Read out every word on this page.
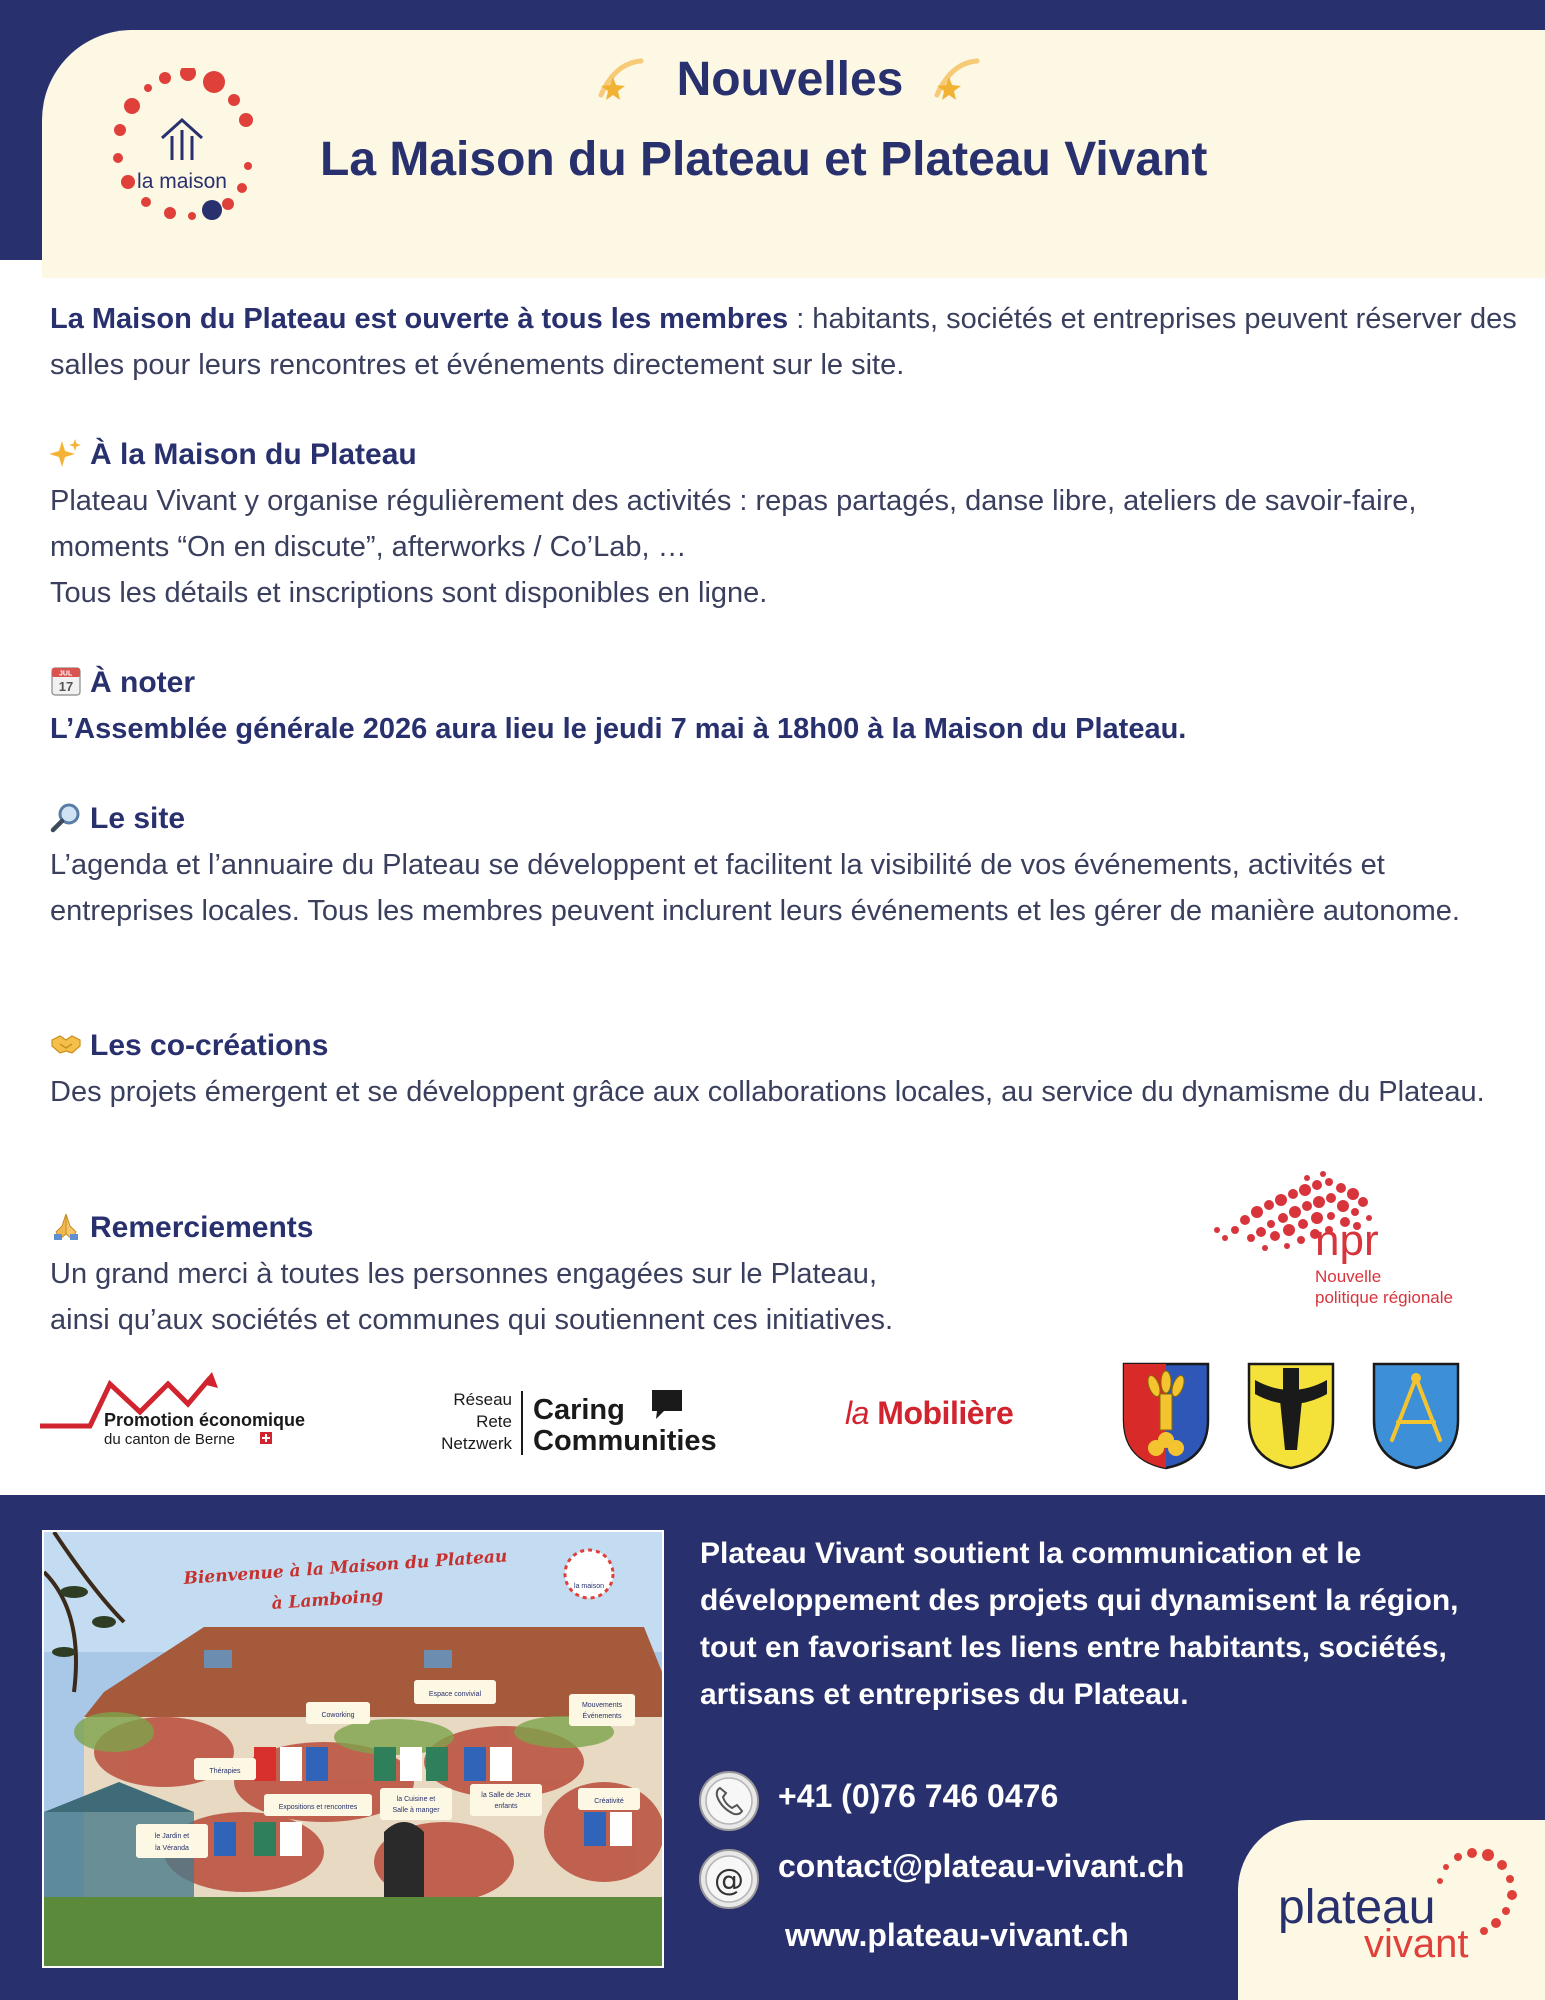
la maison
Nouvelles
La Maison du Plateau et Plateau Vivant
La Maison du Plateau est ouverte à tous les membres : habitants, sociétés et entreprises peuvent réserver des salles pour leurs rencontres et événements directement sur le site.
À la Maison du Plateau
Plateau Vivant y organise régulièrement des activités : repas partagés, danse libre, ateliers de savoir-faire, moments “On en discute”, afterworks / Co’Lab, …
Tous les détails et inscriptions sont disponibles en ligne.
JUL
17 À noter
L’Assemblée générale 2026 aura lieu le jeudi 7 mai à 18h00 à la Maison du Plateau.
Le site
L’agenda et l’annuaire du Plateau se développent et facilitent la visibilité de vos événements, activités et entreprises locales. Tous les membres peuvent inclurent leurs événements et les gérer de manière autonome.
Les co-créations
Des projets émergent et se développent grâce aux collaborations locales, au service du dynamisme du Plateau.
Remerciements
Un grand merci à toutes les personnes engagées sur le Plateau,
ainsi qu’aux sociétés et communes qui soutiennent ces initiatives.
npr
Nouvelle
politique régionale
Promotion économique
du canton de Berne
Réseau
Rete
Netzwerk
Caring
Communities
la Mobilière
Bienvenue à la Maison du Plateau
à Lamboing	la maison
Espace convivial
Coworking
Mouvements
Événements
Thérapies
Expositions et rencontres
la Cuisine et
Salle à manger
la Salle de Jeux
enfants
Créativité
le Jardin et
la Véranda
Plateau Vivant soutient la communication et le développement des projets qui dynamisent la région, tout en favorisant les liens entre habitants, sociétés, artisans et entreprises du Plateau.
+41 (0)76 746 0476
@ contact@plateau-vivant.ch
www.plateau-vivant.ch
plateau
vivant
